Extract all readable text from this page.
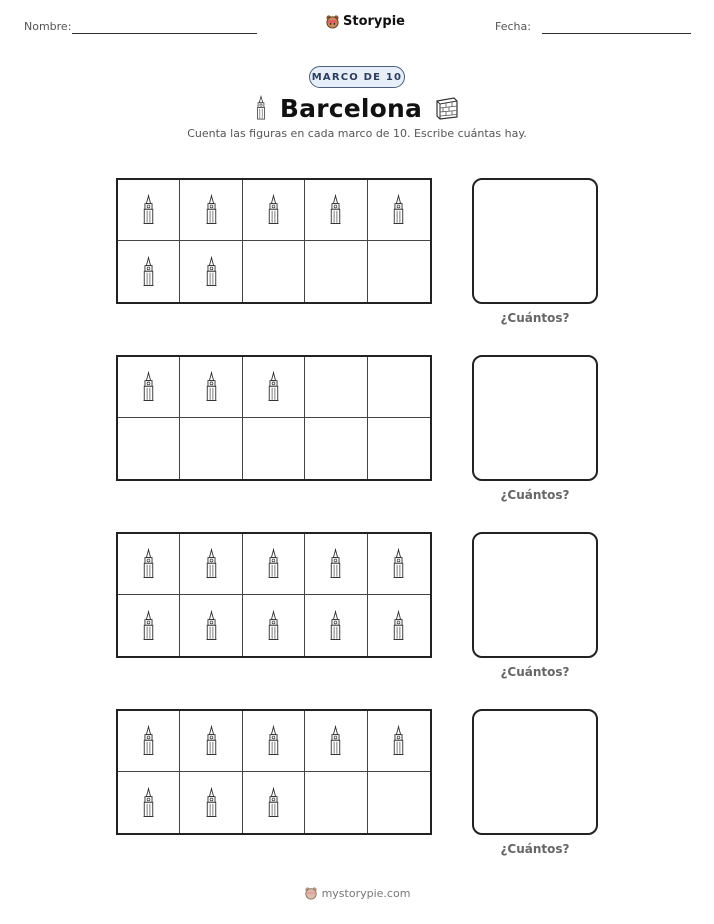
Nombre:	Storypie	Fecha:
MARCO DE 10
Barcelona
Cuenta las figuras en cada marco de 10. Escribe cuántas hay.
¿Cuántos?
¿Cuántos?
¿Cuántos?
¿Cuántos?
mystorypie.com
